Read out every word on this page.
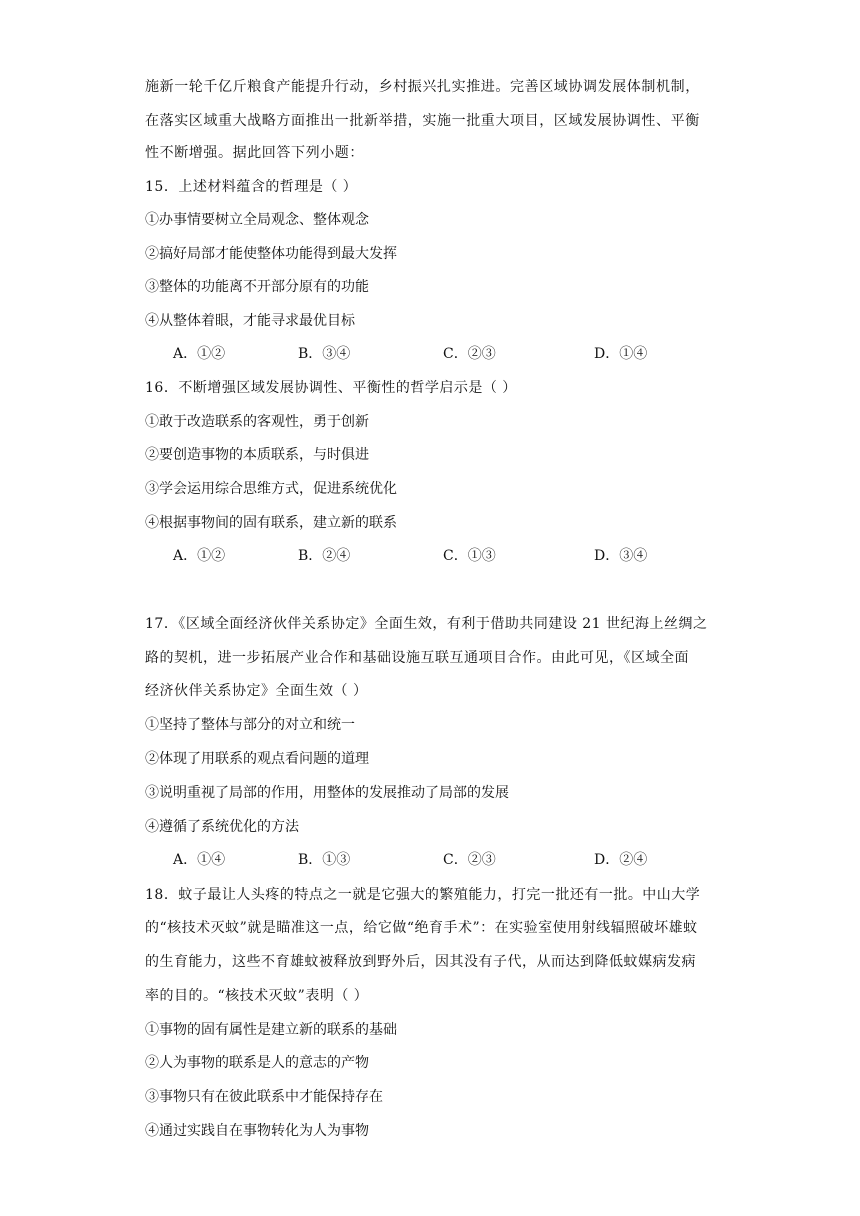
施新一轮千亿斤粮食产能提升行动，乡村振兴扎实推进。完善区域协调发展体制机制，
在落实区域重大战略方面推出一批新举措，实施一批重大项目，区域发展协调性、平衡
性不断增强。据此回答下列小题：
15．上述材料蕴含的哲理是（ ）
①办事情要树立全局观念、整体观念
②搞好局部才能使整体功能得到最大发挥
③整体的功能离不开部分原有的功能
④从整体着眼，才能寻求最优目标
A．①②	B．③④	C．②③	D．①④
16．不断增强区域发展协调性、平衡性的哲学启示是（ ）
①敢于改造联系的客观性，勇于创新
②要创造事物的本质联系，与时俱进
③学会运用综合思维方式，促进系统优化
④根据事物间的固有联系，建立新的联系
A．①②	B．②④	C．①③	D．③④
17．《区域全面经济伙伴关系协定》全面生效，有利于借助共同建设 21 世纪海上丝绸之
路的契机，进一步拓展产业合作和基础设施互联互通项目合作。由此可见，《区域全面
经济伙伴关系协定》全面生效（ ）
①坚持了整体与部分的对立和统一
②体现了用联系的观点看问题的道理
③说明重视了局部的作用，用整体的发展推动了局部的发展
④遵循了系统优化的方法
A．①④	B．①③	C．②③	D．②④
18．蚊子最让人头疼的特点之一就是它强大的繁殖能力，打完一批还有一批。中山大学
的“核技术灭蚊”就是瞄准这一点，给它做“绝育手术”：在实验室使用射线辐照破坏雄蚊
的生育能力，这些不育雄蚊被释放到野外后，因其没有子代，从而达到降低蚊媒病发病
率的目的。“核技术灭蚊”表明（ ）
①事物的固有属性是建立新的联系的基础
②人为事物的联系是人的意志的产物
③事物只有在彼此联系中才能保持存在
④通过实践自在事物转化为人为事物
